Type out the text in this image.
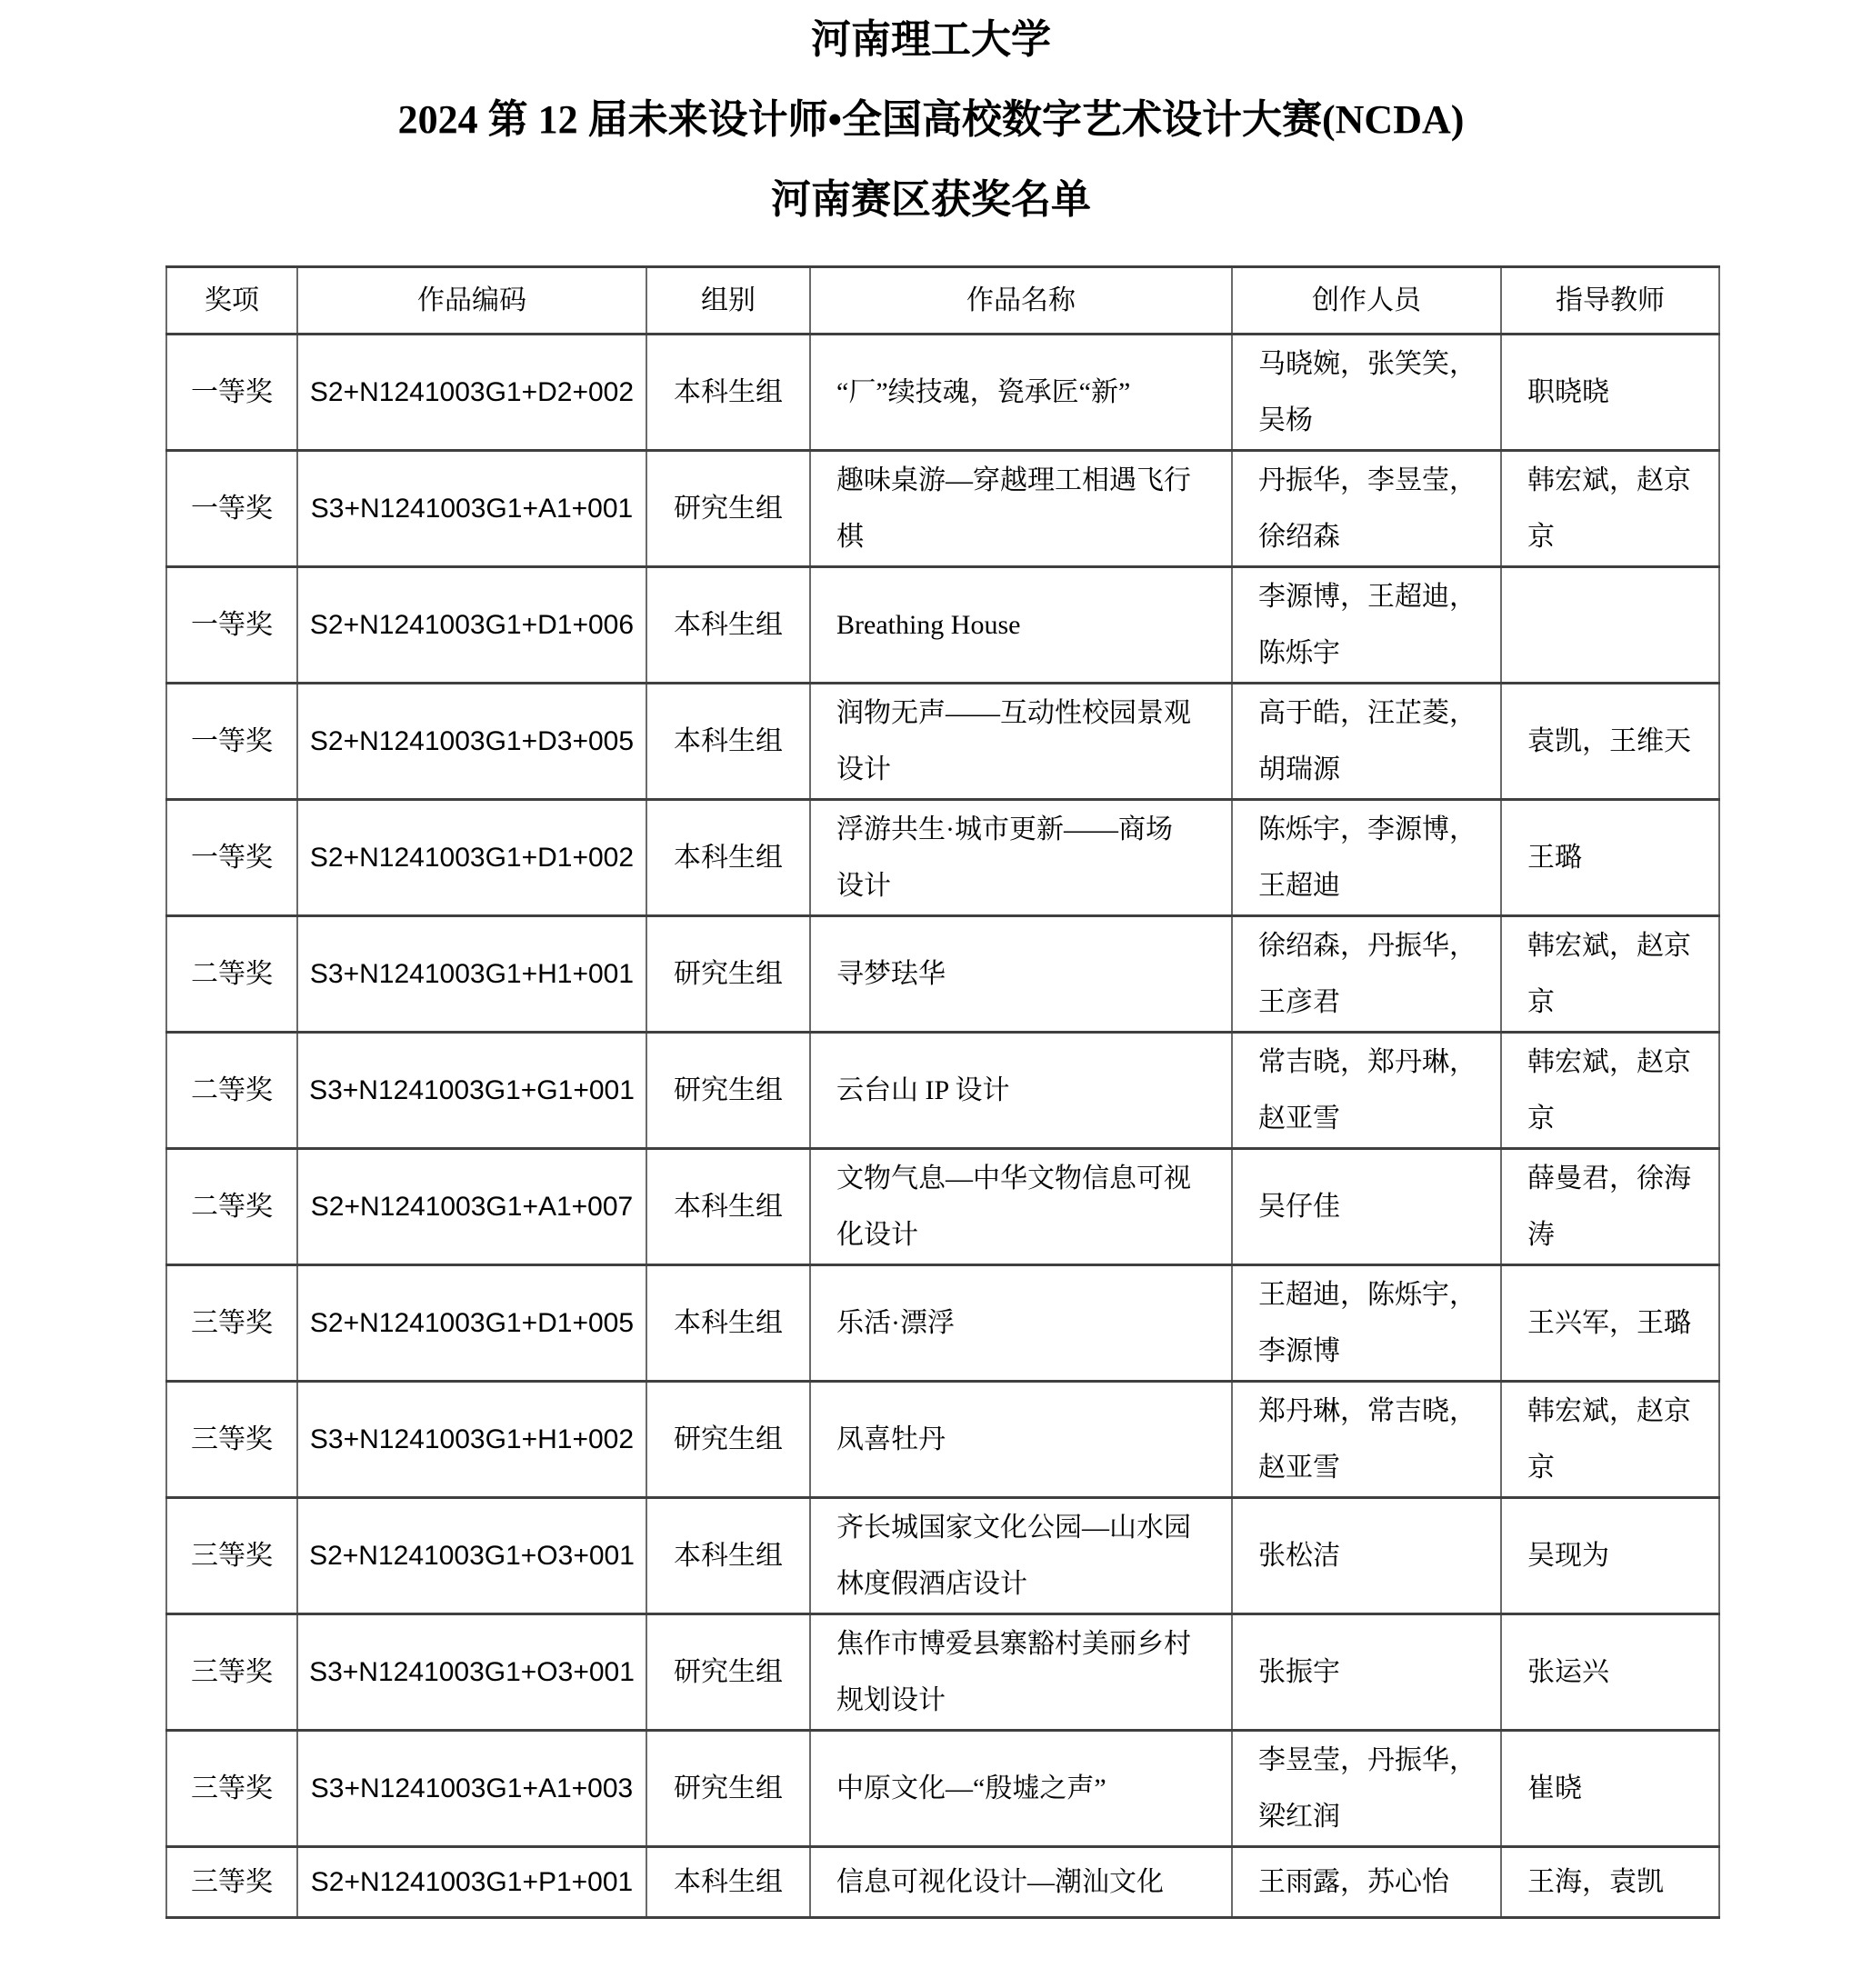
河南理工大学

2024 第 12 届未来设计师•全国高校数字艺术设计大赛(NCDA)

河南赛区获奖名单

奖项	作品编码	组别	作品名称	创作人员	指导教师
一等奖	S2+N1241003G1+D2+002	本科生组	“厂”续技魂，瓷承匠“新”	马晓婉，张笑笑，吴杨	职晓晓
一等奖	S3+N1241003G1+A1+001	研究生组	趣味桌游—穿越理工相遇飞行棋	丹振华，李昱莹，徐绍森	韩宏斌，赵京京
一等奖	S2+N1241003G1+D1+006	本科生组	Breathing House	李源博，王超迪，陈烁宇	
一等奖	S2+N1241003G1+D3+005	本科生组	润物无声——互动性校园景观设计	高于皓，汪芷菱，胡瑞源	袁凯，王维天
一等奖	S2+N1241003G1+D1+002	本科生组	浮游共生·城市更新——商场设计	陈烁宇，李源博，王超迪	王璐
二等奖	S3+N1241003G1+H1+001	研究生组	寻梦珐华	徐绍森，丹振华，王彦君	韩宏斌，赵京京
二等奖	S3+N1241003G1+G1+001	研究生组	云台山 IP 设计	常吉晓，郑丹琳，赵亚雪	韩宏斌，赵京京
二等奖	S2+N1241003G1+A1+007	本科生组	文物气息—中华文物信息可视化设计	吴仔佳	薛曼君，徐海涛
三等奖	S2+N1241003G1+D1+005	本科生组	乐活·漂浮	王超迪，陈烁宇，李源博	王兴军，王璐
三等奖	S3+N1241003G1+H1+002	研究生组	凤喜牡丹	郑丹琳，常吉晓，赵亚雪	韩宏斌，赵京京
三等奖	S2+N1241003G1+O3+001	本科生组	齐长城国家文化公园—山水园林度假酒店设计	张松洁	吴现为
三等奖	S3+N1241003G1+O3+001	研究生组	焦作市博爱县寨豁村美丽乡村规划设计	张振宇	张运兴
三等奖	S3+N1241003G1+A1+003	研究生组	中原文化—“殷墟之声”	李昱莹，丹振华，梁红润	崔晓
三等奖	S2+N1241003G1+P1+001	本科生组	信息可视化设计—潮汕文化	王雨露，苏心怡	王海，袁凯
